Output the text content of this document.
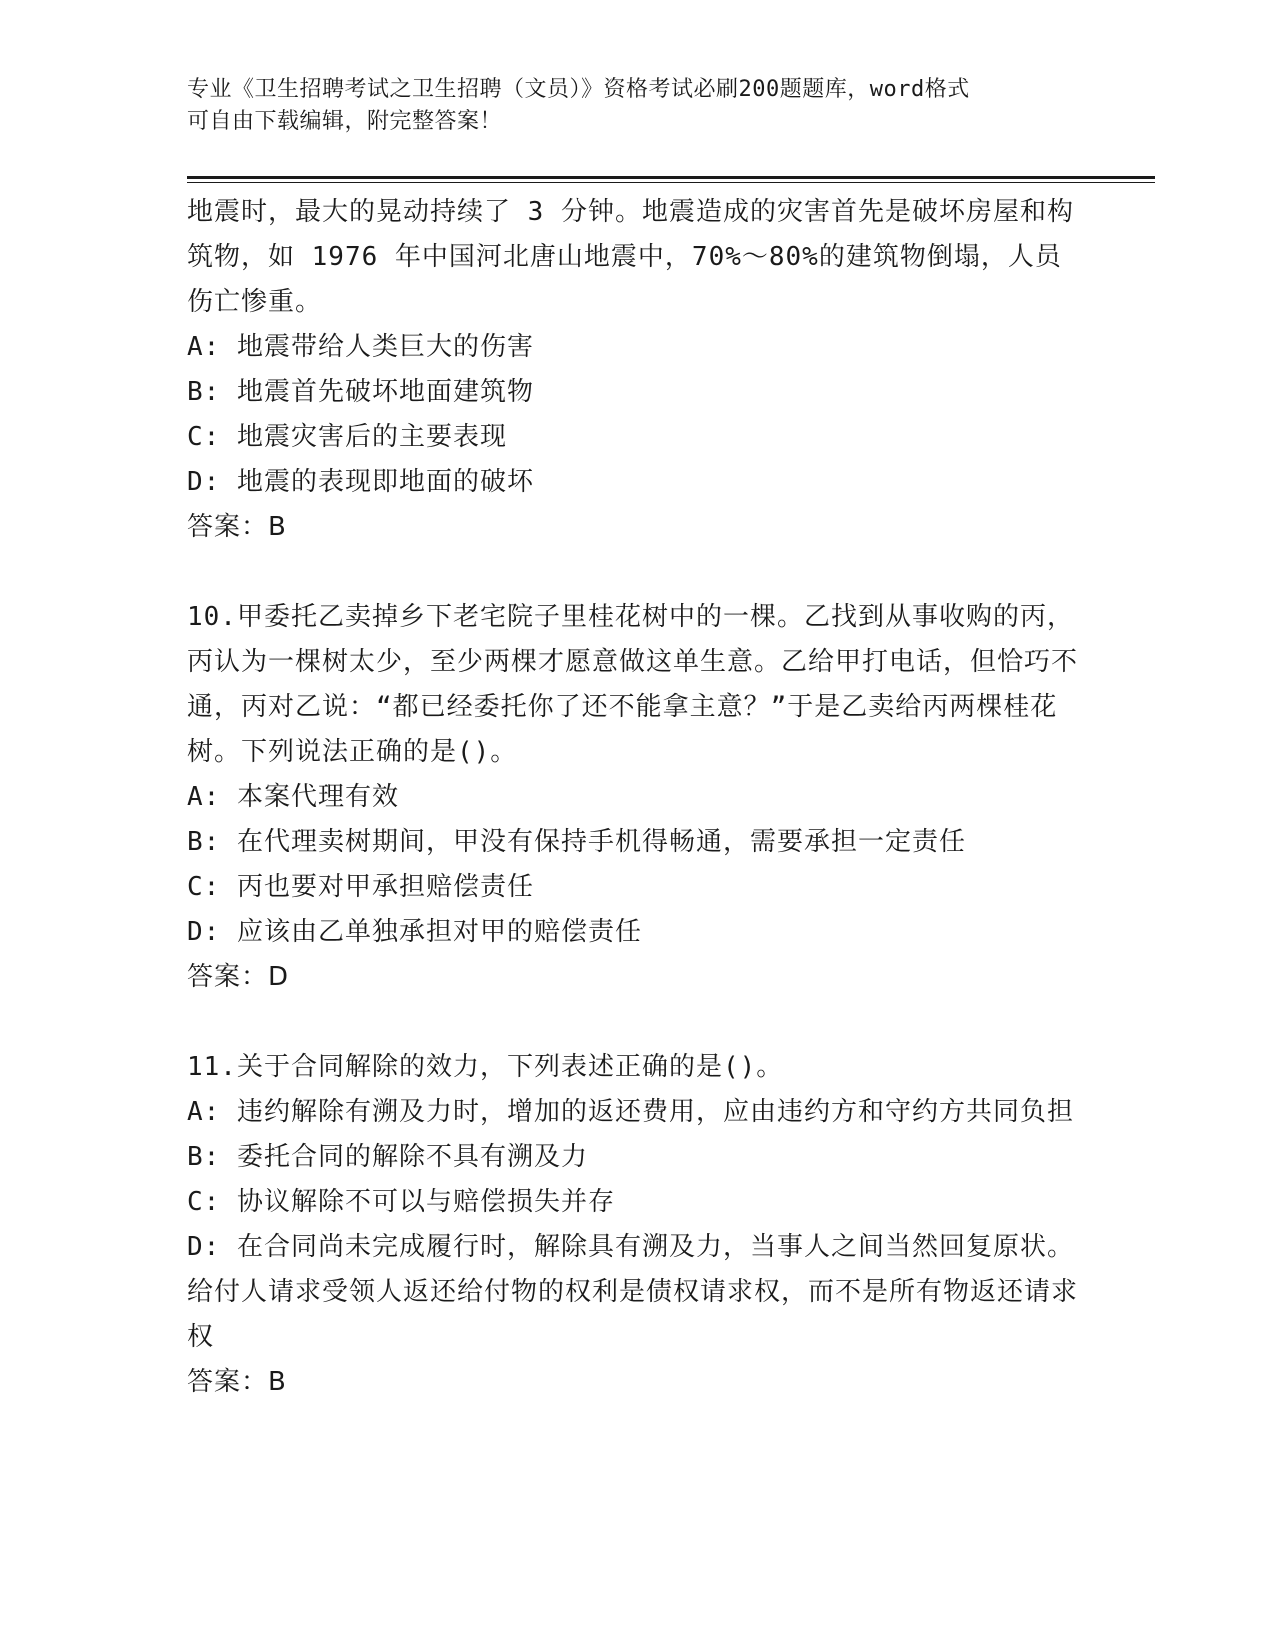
专业《卫生招聘考试之卫生招聘（文员）》资格考试必刷200题题库，word格式
可自由下载编辑，附完整答案！
地震时，最大的晃动持续了 3 分钟。地震造成的灾害首先是破坏房屋和构筑物，如 1976 年中国河北唐山地震中，70%～80%的建筑物倒塌，人员伤亡惨重。
A: 地震带给人类巨大的伤害
B: 地震首先破坏地面建筑物
C: 地震灾害后的主要表现
D: 地震的表现即地面的破坏
答案：B
10.甲委托乙卖掉乡下老宅院子里桂花树中的一棵。乙找到从事收购的丙，丙认为一棵树太少，至少两棵才愿意做这单生意。乙给甲打电话，但恰巧不通，丙对乙说：“都已经委托你了还不能拿主意？”于是乙卖给丙两棵桂花树。下列说法正确的是()。
A: 本案代理有效
B: 在代理卖树期间，甲没有保持手机得畅通，需要承担一定责任
C: 丙也要对甲承担赔偿责任
D: 应该由乙单独承担对甲的赔偿责任
答案：D
11.关于合同解除的效力，下列表述正确的是()。
A: 违约解除有溯及力时，增加的返还费用，应由违约方和守约方共同负担
B: 委托合同的解除不具有溯及力
C: 协议解除不可以与赔偿损失并存
D: 在合同尚未完成履行时，解除具有溯及力，当事人之间当然回复原状。给付人请求受领人返还给付物的权利是债权请求权，而不是所有物返还请求权
答案：B
